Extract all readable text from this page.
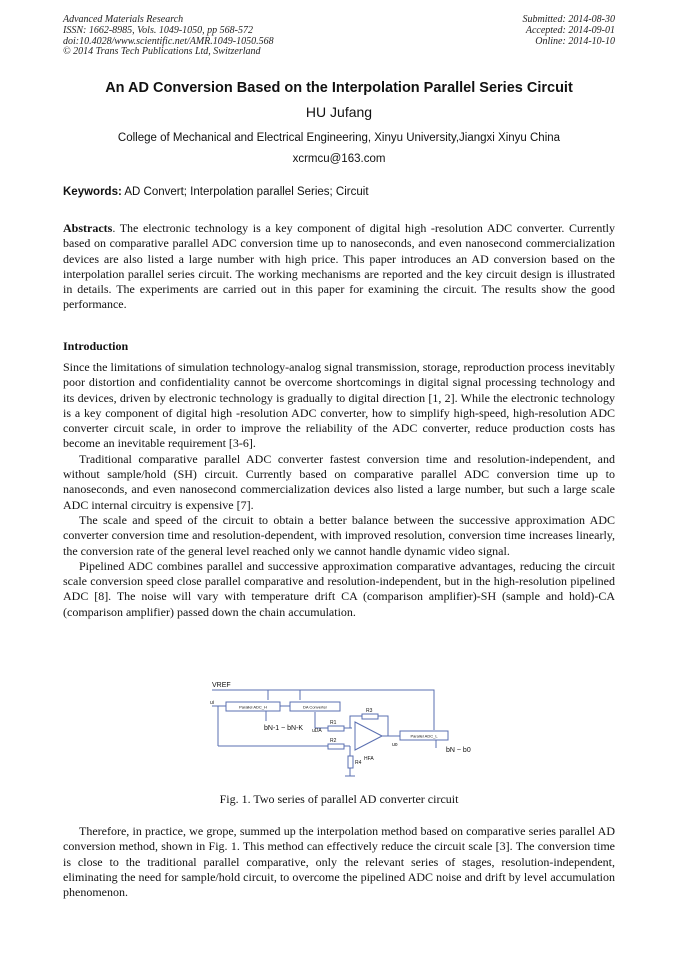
Advanced Materials Research
ISSN: 1662-8985, Vols. 1049-1050, pp 568-572
doi:10.4028/www.scientific.net/AMR.1049-1050.568
© 2014 Trans Tech Publications Ltd, Switzerland
Submitted: 2014-08-30
Accepted: 2014-09-01
Online: 2014-10-10
An AD Conversion Based on the Interpolation Parallel Series Circuit
HU Jufang
College of Mechanical and Electrical Engineering, Xinyu University,Jiangxi Xinyu China
xcrmcu@163.com
Keywords: AD Convert; Interpolation parallel Series; Circuit

Abstracts. The electronic technology is a key component of digital high -resolution ADC converter. Currently based on comparative parallel ADC conversion time up to nanoseconds, and even nanosecond commercialization devices are also listed a large number with high price. This paper introduces an AD conversion based on the interpolation parallel series circuit. The working mechanisms are reported and the key circuit design is illustrated in details. The experiments are carried out in this paper for examining the circuit. The results show the good performance.

Introduction

Since the limitations of simulation technology-analog signal transmission, storage, reproduction process inevitably poor distortion and confidentiality cannot be overcome shortcomings in digital signal processing technology and its devices, driven by electronic technology is gradually to digital direction [1, 2]. While the electronic technology is a key component of digital high -resolution ADC converter, how to simplify high-speed, high-resolution ADC converter circuit scale, in order to improve the reliability of the ADC converter, reduce production costs has become an inevitable requirement [3-6].

Traditional comparative parallel ADC converter fastest conversion time and resolution-independent, and without sample/hold (SH) circuit. Currently based on comparative parallel ADC conversion time up to nanoseconds, and even nanosecond commercialization devices also listed a large number, but such a large scale ADC internal circuitry is expensive [7].

The scale and speed of the circuit to obtain a better balance between the successive approximation ADC converter conversion time and resolution-dependent, with improved resolution, conversion time increases linearly, the conversion rate of the general level reached only we cannot handle dynamic video signal.

Pipelined ADC combines parallel and successive approximation comparative advantages, reducing the circuit scale conversion speed close parallel comparative and resolution-independent, but in the high-resolution pipelined ADC [8]. The noise will vary with temperature drift CA (comparison amplifier)-SH (sample and hold)-CA (comparison amplifier) passed down the chain accumulation.

VREF
ui
Parallel ADC_H	DA Converter
Parallel ADC_L
bN-1 ~ bN-K uDA
uo
R1
R2
R3
R4
HFA
bN ~ b0
Fig. 1. Two series of parallel AD converter circuit

Therefore, in practice, we grope, summed up the interpolation method based on comparative series parallel AD conversion method, shown in Fig. 1. This method can effectively reduce the circuit scale [3]. The conversion time is close to the traditional parallel comparative, only the relevant series of stages, resolution-independent, eliminating the need for sample/hold circuit, to overcome the pipelined ADC noise and drift by level accumulation phenomenon.
